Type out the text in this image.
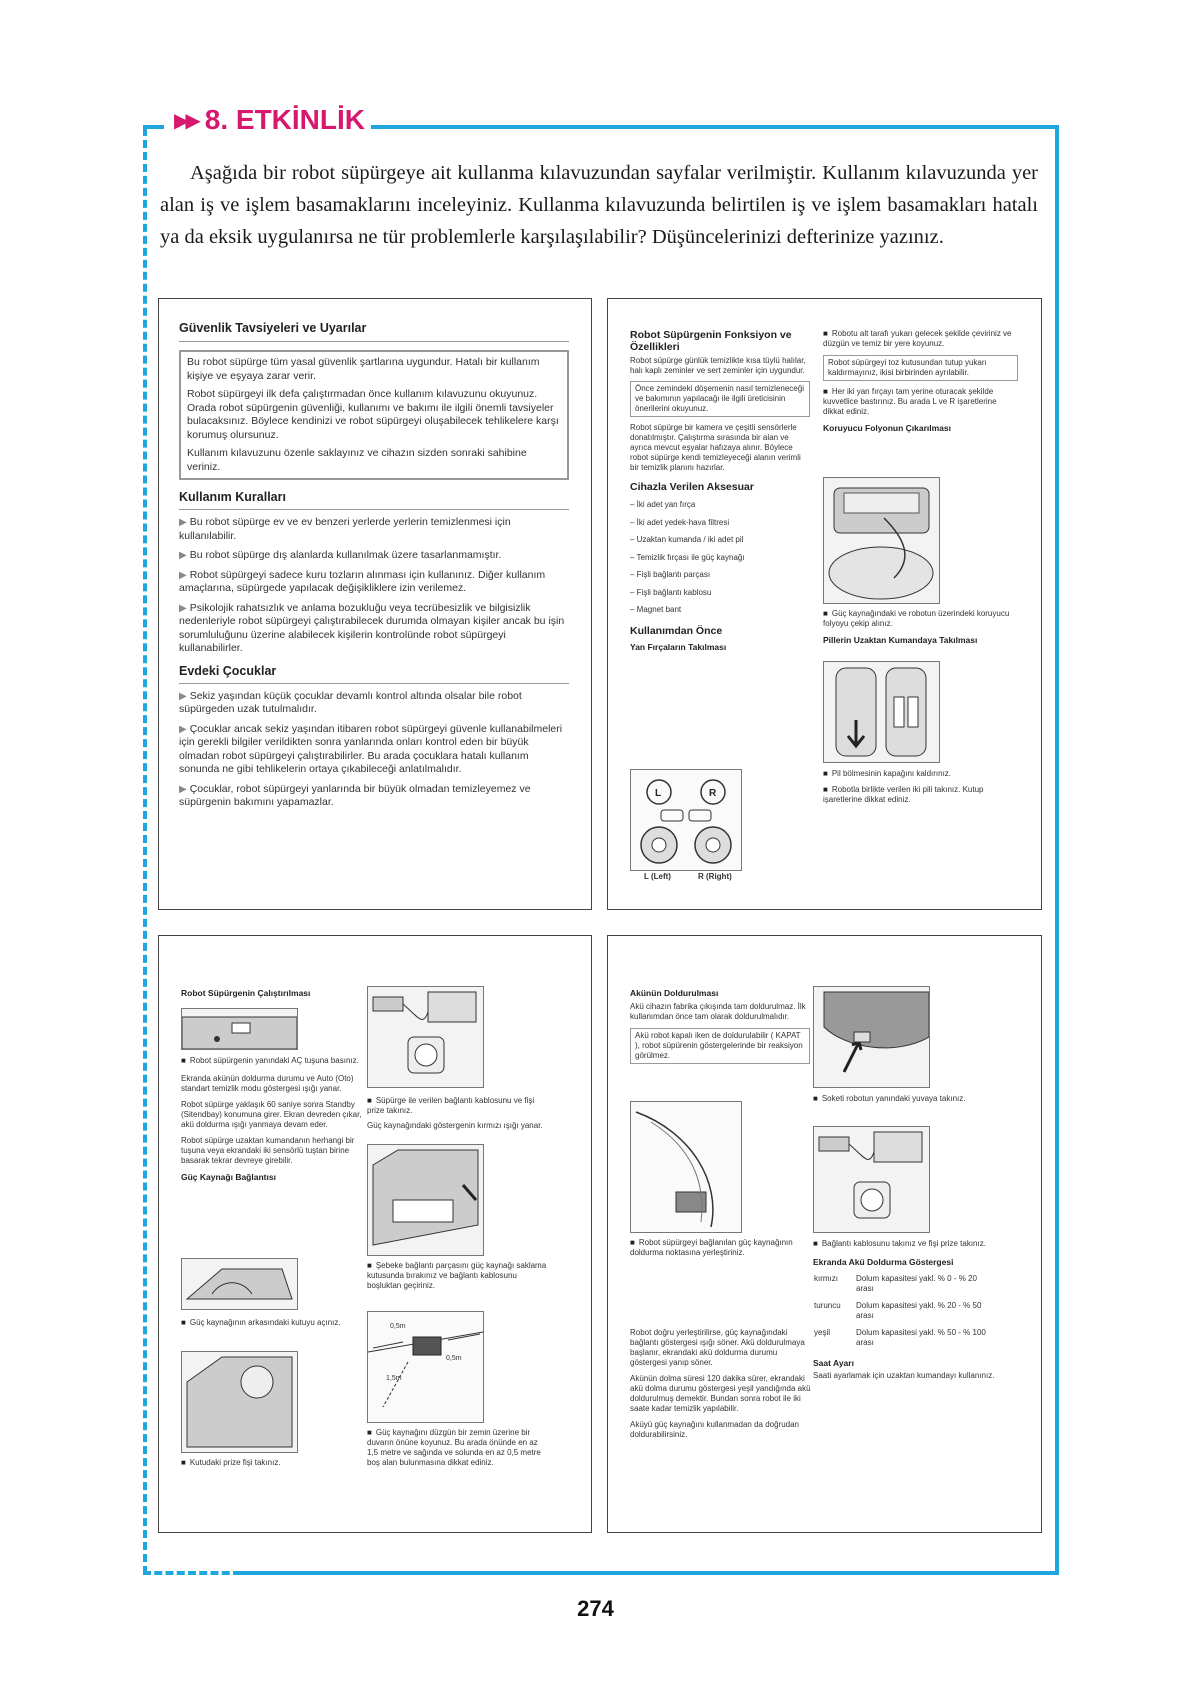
▶▶ 8. ETKİNLİK

Aşağıda bir robot süpürgeye ait kullanma kılavuzundan sayfalar verilmiştir. Kullanım kılavuzunda yer alan iş ve işlem basamaklarını inceleyiniz. Kullanma kılavuzunda belirtilen iş ve işlem basamakları hatalı ya da eksik uygulanırsa ne tür problemlerle karşılaşılabilir? Düşüncelerinizi defterinize yazınız.

Güvenlik Tavsiyeleri ve Uyarılar

Bu robot süpürge tüm yasal güvenlik şartlarına uygundur. Hatalı bir kullanım kişiye ve eşyaya zarar verir.

Robot süpürgeyi ilk defa çalıştırmadan önce kullanım kılavuzunu okuyunuz. Orada robot süpürgenin güvenliği, kullanımı ve bakımı ile ilgili önemli tavsiyeler bulacaksınız. Böylece kendinizi ve robot süpürgeyi oluşabilecek tehlikelere karşı korumuş olursunuz.

Kullanım kılavuzunu özenle saklayınız ve cihazın sizden sonraki sahibine veriniz.

Kullanım Kuralları

▶ Bu robot süpürge ev ve ev benzeri yerlerde yerlerin temizlenmesi için kullanılabilir.

▶ Bu robot süpürge dış alanlarda kullanılmak üzere tasarlanmamıştır.

▶ Robot süpürgeyi sadece kuru tozların alınması için kullanınız. Diğer kullanım amaçlarına, süpürgede yapılacak değişikliklere izin verilemez.

▶ Psikolojik rahatsızlık ve anlama bozukluğu veya tecrübesizlik ve bilgisizlik nedenleriyle robot süpürgeyi çalıştırabilecek durumda olmayan kişiler ancak bu işin sorumluluğunu üzerine alabilecek kişilerin kontrolünde robot süpürgeyi kullanabilirler.

Evdeki Çocuklar

▶ Sekiz yaşından küçük çocuklar devamlı kontrol altında olsalar bile robot süpürgeden uzak tutulmalıdır.

▶ Çocuklar ancak sekiz yaşından itibaren robot süpürgeyi güvenle kullanabilmeleri için gerekli bilgiler verildikten sonra yanlarında onları kontrol eden bir büyük olmadan robot süpürgeyi çalıştırabilirler. Bu arada çocuklara hatalı kullanım sonunda ne gibi tehlikelerin ortaya çıkabileceği anlatılmalıdır.

▶ Çocuklar, robot süpürgeyi yanlarında bir büyük olmadan temizleyemez ve süpürgenin bakımını yapamazlar.

Robot Süpürgenin Fonksiyon ve Özellikleri

Robot süpürge günlük temizlikte kısa tüylü halılar, halı kaplı zeminler ve sert zeminler için uygundur.

Önce zemindeki döşemenin nasıl temizleneceği ve bakımının yapılacağı ile ilgili üreticisinin önerilerini okuyunuz.

Robot süpürge bir kamera ve çeşitli sensörlerle donatılmıştır. Çalıştırma sırasında bir alan ve ayrıca mevcut eşyalar hafızaya alınır. Böylece robot süpürge kendi temizleyeceği alanın verimli bir temizlik planını hazırlar.

Cihazla Verilen Aksesuar
– İki adet yan fırça
– İki adet yedek-hava filtresi
– Uzaktan kumanda / iki adet pil
– Temizlik fırçası ile güç kaynağı
– Fişli bağlantı parçası
– Fişli bağlantı kablosu
– Magnet bant
Kullanımdan Önce
Yan Fırçaların Takılması
L	R
L (Left)	R (Right)

■ Robotu alt tarafı yukarı gelecek şekilde çeviriniz ve düzgün ve temiz bir yere koyunuz.

Robot süpürgeyi toz kutusundan tutup yukarı kaldırmayınız, ikisi birbirinden ayrılabilir.

■ Her iki yan fırçayı tam yerine oturacak şekilde kuvvetlice bastırınız. Bu arada L ve R işaretlerine dikkat ediniz.

Koruyucu Folyonun Çıkarılması

■ Güç kaynağındaki ve robotun üzerindeki koruyucu folyoyu çekip alınız.

Pillerin Uzaktan Kumandaya Takılması

■ Pil bölmesinin kapağını kaldırınız.

■ Robotla birlikte verilen iki pili takınız. Kutup işaretlerine dikkat ediniz.

Robot Süpürgenin Çalıştırılması

■ Robot süpürgenin yanındaki AÇ tuşuna basınız.

Ekranda akünün doldurma durumu ve Auto (Oto) standart temizlik modu göstergesi ışığı yanar.

Robot süpürge yaklaşık 60 saniye sonra Standby (Sitendbay) konumuna girer. Ekran devreden çıkar, akü doldurma ışığı yanmaya devam eder.

Robot süpürge uzaktan kumandanın herhangi bir tuşuna veya ekrandaki iki sensörlü tuştan birine basarak tekrar devreye girebilir.

Güç Kaynağı Bağlantısı

■ Güç kaynağının arkasındaki kutuyu açınız.

■ Kutudaki prize fişi takınız.

■ Süpürge ile verilen bağlantı kablosunu ve fişi prize takınız.

Güç kaynağındaki göstergenin kırmızı ışığı yanar.

■ Şebeke bağlantı parçasını güç kaynağı saklama kutusunda bırakınız ve bağlantı kablosunu boşluktan geçiriniz.

0,5m
0,5m
1,5m

■ Güç kaynağını düzgün bir zemin üzerine bir duvarın önüne koyunuz. Bu arada önünde en az 1,5 metre ve sağında ve solunda en az 0,5 metre boş alan bulunmasına dikkat ediniz.

Akünün Doldurulması

Akü cihazın fabrika çıkışında tam doldurulmaz. İlk kullanımdan önce tam olarak doldurulmalıdır.

Akü robot kapalı iken de doldurulabilir ( KAPAT ), robot süpürenin göstergelerinde bir reaksiyon görülmez.

■ Robot süpürgeyi bağlanılan güç kaynağının doldurma noktasına yerleştiriniz.

Robot doğru yerleştirilirse, güç kaynağındaki bağlantı göstergesi ışığı söner. Akü doldurulmaya başlanır, ekrandaki akü doldurma durumu göstergesi yanıp söner.

Akünün dolma süresi 120 dakika sürer, ekrandaki akü dolma durumu göstergesi yeşil yandığında akü doldurulmuş demektir. Bundan sonra robot ile iki saate kadar temizlik yapılabilir.

Aküyü güç kaynağını kullanmadan da doğrudan doldurabilirsiniz.

■ Soketi robotun yanındaki yuvaya takınız.

■ Bağlantı kablosunu takınız ve fişi prize takınız.

Ekranda Akü Doldurma Göstergesi
kırmızı	Dolum kapasitesi yakl. % 0 - % 20 arası
turuncu	Dolum kapasitesi yakl. % 20 - % 50 arası
yeşil	Dolum kapasitesi yakl. % 50 - % 100 arası
Saat Ayarı

Saati ayarlamak için uzaktan kumandayı kullanınız.

274
